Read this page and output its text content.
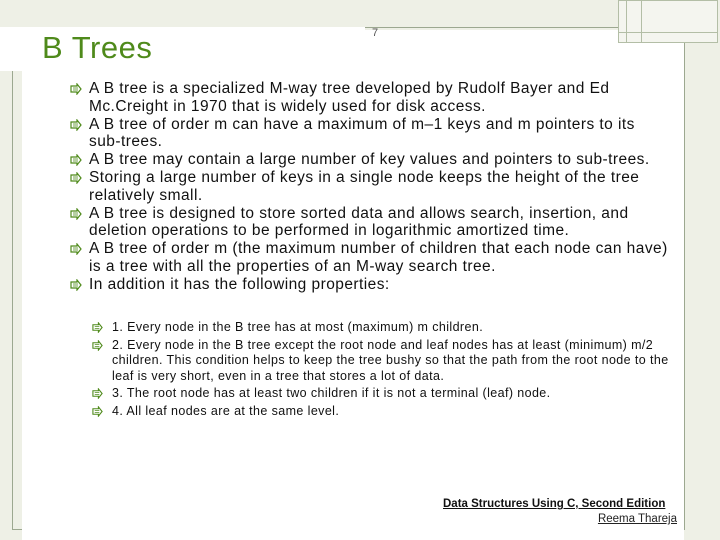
B Trees	7
A B tree is a specialized M-way tree developed by Rudolf Bayer and Ed Mc.Creight in 1970 that is widely used for disk access.
A B tree of order m can have a maximum of m–1 keys and m pointers to its sub-trees.
A B tree may contain a large number of key values and pointers to sub-trees.
Storing a large number of keys in a single node keeps the height of the tree relatively small.
A B tree is designed to store sorted data and allows search, insertion, and deletion operations to be performed in logarithmic amortized time.
A B tree of order m (the maximum number of children that each node can have) is a tree with all the properties of an M-way search tree.
In addition it has the following properties:
1. Every node in the B tree has at most (maximum) m children.
2. Every node in the B tree except the root node and leaf nodes has at least (minimum) m/2 children. This condition helps to keep the tree bushy so that the path from the root node to the leaf is very short, even in a tree that stores a lot of data.
3. The root node has at least two children if it is not a terminal (leaf) node.
4. All leaf nodes are at the same level.
Data Structures Using C, Second Edition
Reema Thareja
